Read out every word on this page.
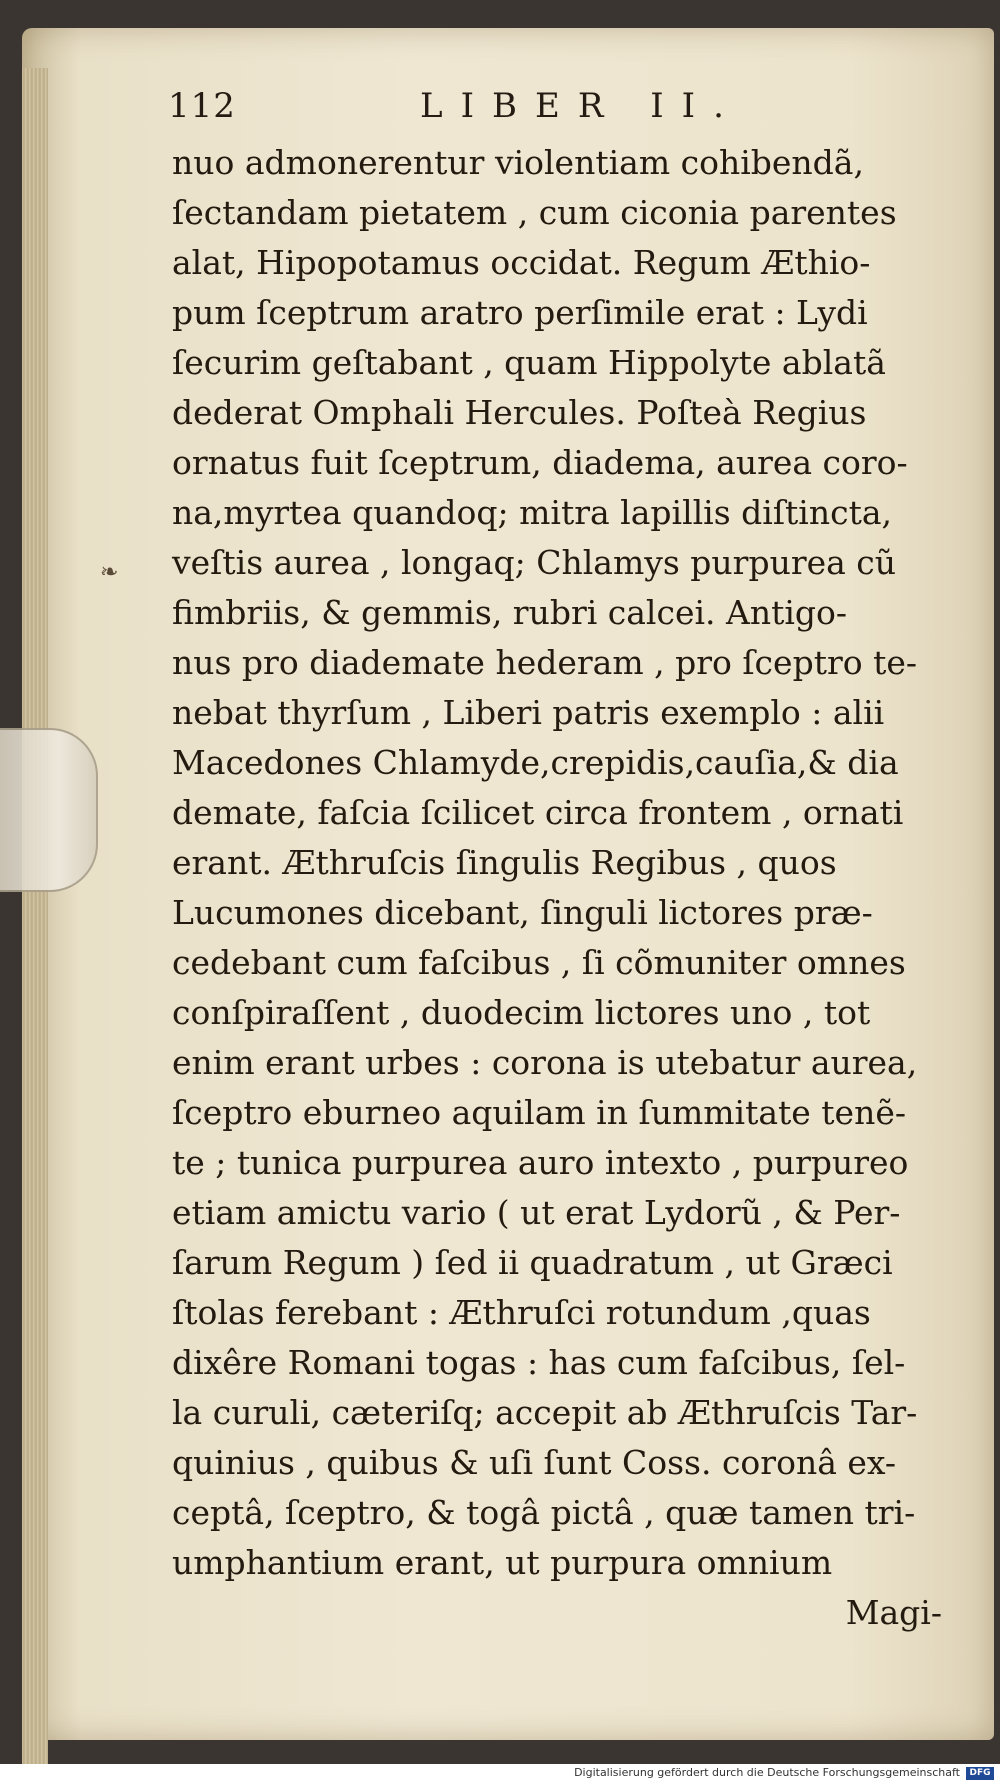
112	LIBER II.
❧
nuo admonerentur violentiam cohibendã,
ſectandam pietatem , cum ciconia parentes
alat, Hipopotamus occidat. Regum Æthio-
pum ſceptrum aratro perſimile erat : Lydi
ſecurim geſtabant , quam Hippolyte ablatã
dederat Omphali Hercules. Poſteà Regius
ornatus fuit ſceptrum, diadema, aurea coro-
na,myrtea quandoq; mitra lapillis diſtincta,
veſtis aurea , longaq; Chlamys purpurea cũ
fimbriis, & gemmis, rubri calcei. Antigo-
nus pro diademate hederam , pro ſceptro te-
nebat thyrſum , Liberi patris exemplo : alii
Macedones Chlamyde,crepidis,cauſia,& dia
demate, faſcia ſcilicet circa frontem , ornati
erant. Æthruſcis ſingulis Regibus , quos
Lucumones dicebant, ſinguli lictores præ-
cedebant cum faſcibus , ſi cõmuniter omnes
conſpiraſſent , duodecim lictores uno , tot
enim erant urbes : corona is utebatur aurea,
ſceptro eburneo aquilam in ſummitate tenẽ-
te ; tunica purpurea auro intexto , purpureo
etiam amictu vario ( ut erat Lydorũ , & Per-
ſarum Regum ) ſed ii quadratum , ut Græci
ſtolas ferebant : Æthruſci rotundum ,quas
dixêre Romani togas : has cum faſcibus, ſel-
la curuli, cæteriſq; accepit ab Æthruſcis Tar-
quinius , quibus & uſi ſunt Coss. coronâ ex-
ceptâ, ſceptro, & togâ pictâ , quæ tamen tri-
umphantium erant, ut purpura omnium
Magi-
Digitalisierung gefördert durch die Deutsche Forschungsgemeinschaft	DFG
